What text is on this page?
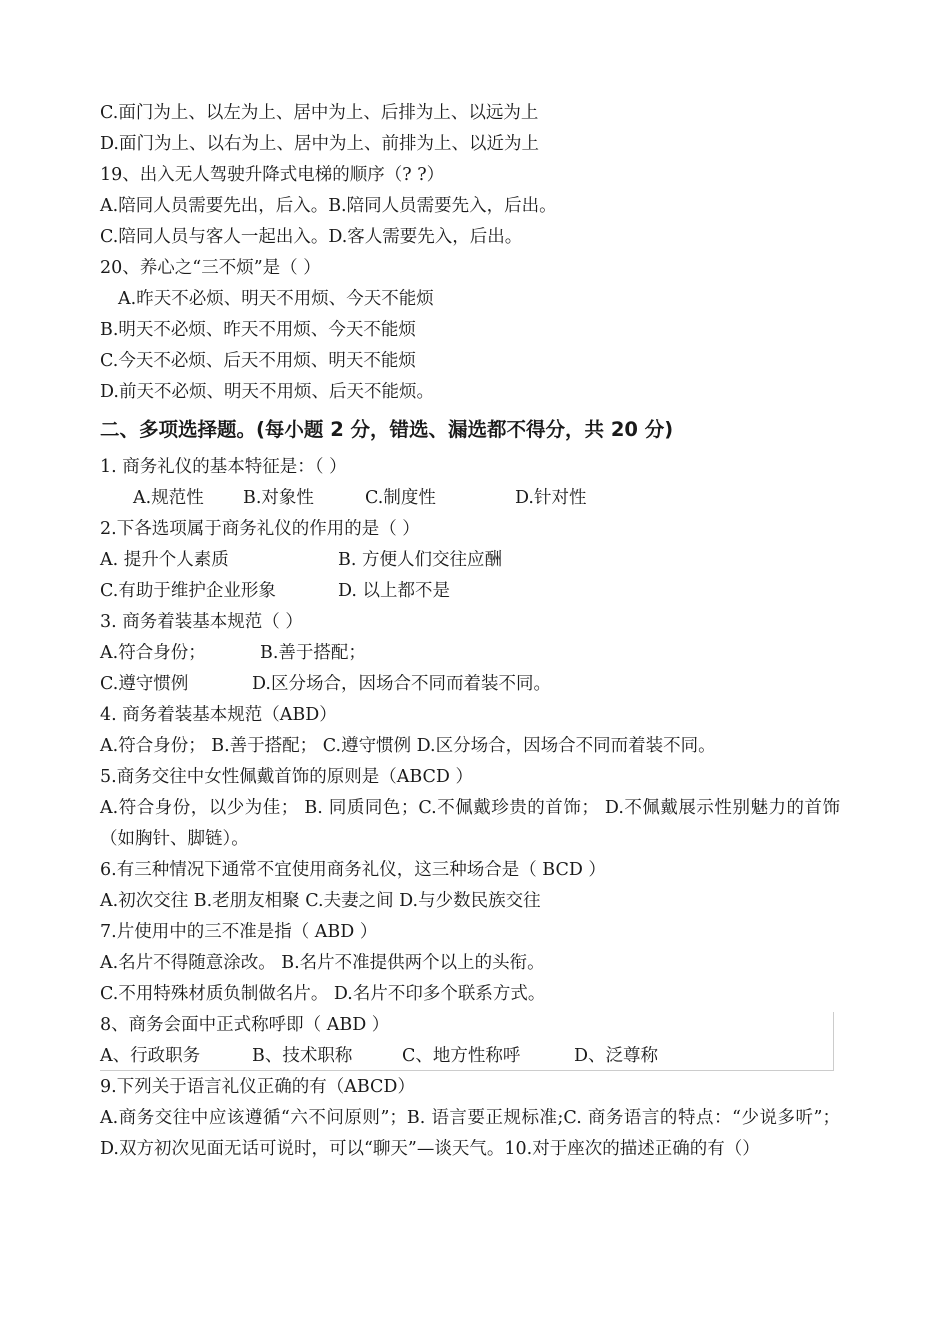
C.面门为上、以左为上、居中为上、后排为上、以远为上
D.面门为上、以右为上、居中为上、前排为上、以近为上
19、出入无人驾驶升降式电梯的顺序（? ?）
A.陪同人员需要先出，后入。B.陪同人员需要先入，后出。
C.陪同人员与客人一起出入。D.客人需要先入，后出。
20、养心之“三不烦”是（ ）
A.昨天不必烦、明天不用烦、今天不能烦
B.明天不必烦、昨天不用烦、今天不能烦
C.今天不必烦、后天不用烦、明天不能烦
D.前天不必烦、明天不用烦、后天不能烦。
二、多项选择题。(每小题 2 分，错选、漏选都不得分，共 20 分)
1. 商务礼仪的基本特征是：（ ）
A.规范性 B.对象性	C.制度性	D.针对性
2.下各选项属于商务礼仪的作用的是（ ）
A. 提升个人素质	B. 方便人们交往应酬
C.有助于维护企业形象	D. 以上都不是
3. 商务着装基本规范（ ）
A.符合身份；	B.善于搭配；
C.遵守惯例	D.区分场合，因场合不同而着装不同。
4. 商务着装基本规范（ABD）
A.符合身份； B.善于搭配； C.遵守惯例 D.区分场合，因场合不同而着装不同。
5.商务交往中女性佩戴首饰的原则是（ABCD ）
A.符合身份，以少为佳； B. 同质同色；C.不佩戴珍贵的首饰； D.不佩戴展示性别魅力的首饰（如胸针、脚链）。
6.有三种情况下通常不宜使用商务礼仪，这三种场合是（ BCD ）
A.初次交往 B.老朋友相聚 C.夫妻之间 D.与少数民族交往
7.片使用中的三不准是指（ ABD ）
A.名片不得随意涂改。 B.名片不准提供两个以上的头衔。
C.不用特殊材质负制做名片。 D.名片不印多个联系方式。
8、商务会面中正式称呼即（ ABD ）
A、行政职务	B、技术职称	C、地方性称呼	D、泛尊称
9.下列关于语言礼仪正确的有（ABCD）
A.商务交往中应该遵循“六不问原则”；B. 语言要正规标准;C. 商务语言的特点：“少说多听”； D.双方初次见面无话可说时，可以“聊天”—谈天气。10.对于座次的描述正确的有（）
